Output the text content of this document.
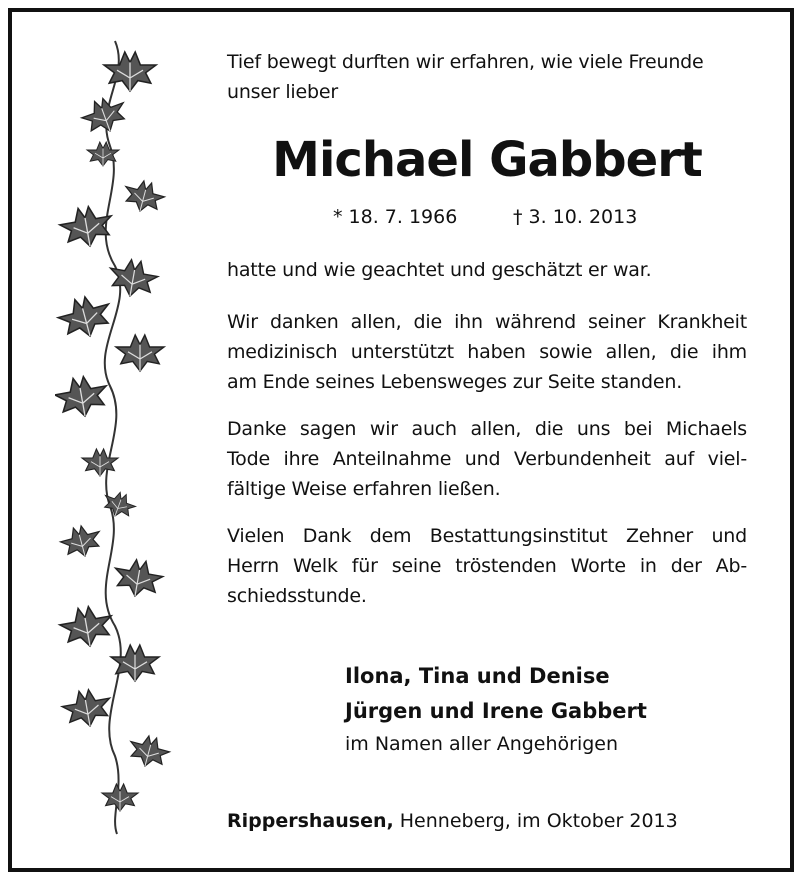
Tief bewegt durften wir erfahren, wie viele Freunde
unser lieber
Michael Gabbert
* 18. 7. 1966	† 3. 10. 2013
hatte und wie geachtet und geschätzt er war.
Wir danken allen, die ihn während seiner Krankheit
medizinisch unterstützt haben sowie allen, die ihm
am Ende seines Lebensweges zur Seite standen.
Danke sagen wir auch allen, die uns bei Michaels
Tode ihre Anteilnahme und Verbundenheit auf viel-
fältige Weise erfahren ließen.
Vielen Dank dem Bestattungsinstitut Zehner und
Herrn Welk für seine tröstenden Worte in der Ab-
schiedsstunde.
Ilona, Tina und Denise
Jürgen und Irene Gabbert
im Namen aller Angehörigen
Rippershausen, Henneberg, im Oktober 2013
